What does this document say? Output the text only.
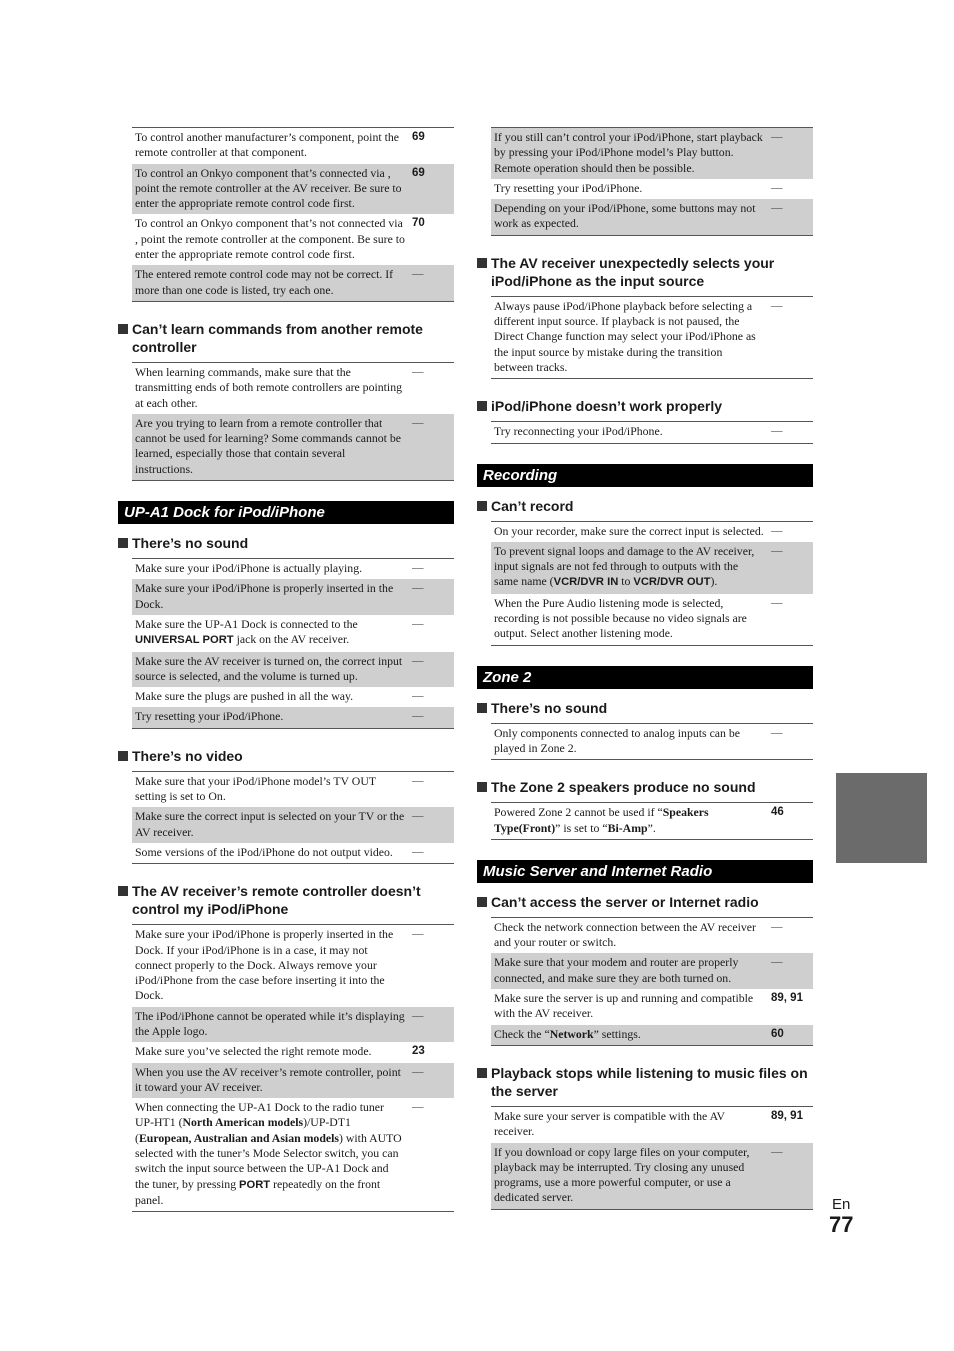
To control another manufacturer’s component, point the remote controller at that component.
69
To control an Onkyo component that’s connected via , point the remote controller at the AV receiver. Be sure to enter the appropriate remote control code first.
69
To control an Onkyo component that’s not connected via , point the remote controller at the component. Be sure to enter the appropriate remote control code first.
70
The entered remote control code may not be correct. If more than one code is listed, try each one.
—
Can’t learn commands from another remote controller
When learning commands, make sure that the transmitting ends of both remote controllers are pointing at each other.
—
Are you trying to learn from a remote controller that cannot be used for learning? Some commands cannot be learned, especially those that contain several instructions.
—
UP-A1 Dock for iPod/iPhone
There’s no sound
Make sure your iPod/iPhone is actually playing.	—
Make sure your iPod/iPhone is properly inserted in the Dock.
—
Make sure the UP-A1 Dock is connected to the UNIVERSAL PORT jack on the AV receiver.
—
Make sure the AV receiver is turned on, the correct input source is selected, and the volume is turned up.
—
Make sure the plugs are pushed in all the way.	—
Try resetting your iPod/iPhone.	—
There’s no video
Make sure that your iPod/iPhone model’s TV OUT setting is set to On.
—
Make sure the correct input is selected on your TV or the AV receiver.
—
Some versions of the iPod/iPhone do not output video.	—
The AV receiver’s remote controller doesn’t control my iPod/iPhone
Make sure your iPod/iPhone is properly inserted in the Dock. If your iPod/iPhone is in a case, it may not connect properly to the Dock. Always remove your iPod/iPhone from the case before inserting it into the Dock.
—
The iPod/iPhone cannot be operated while it’s displaying the Apple logo.
—
Make sure you’ve selected the right remote mode.	23
When you use the AV receiver’s remote controller, point it toward your AV receiver.
—
When connecting the UP-A1 Dock to the radio tuner UP-HT1 (North American models)/UP-DT1 (European, Australian and Asian models) with AUTO selected with the tuner’s Mode Selector switch, you can switch the input source between the UP-A1 Dock and the tuner, by pressing PORT repeatedly on the front panel.
—
If you still can’t control your iPod/iPhone, start playback by pressing your iPod/iPhone model’s Play button. Remote operation should then be possible.
—
Try resetting your iPod/iPhone.	—
Depending on your iPod/iPhone, some buttons may not work as expected.
—
The AV receiver unexpectedly selects your iPod/iPhone as the input source
Always pause iPod/iPhone playback before selecting a different input source. If playback is not paused, the Direct Change function may select your iPod/iPhone as the input source by mistake during the transition between tracks.
—
iPod/iPhone doesn’t work properly
Try reconnecting your iPod/iPhone.	—
Recording
Can’t record
On your recorder, make sure the correct input is selected. —
To prevent signal loops and damage to the AV receiver, input signals are not fed through to outputs with the same name (VCR/DVR IN to VCR/DVR OUT).
—
When the Pure Audio listening mode is selected, recording is not possible because no video signals are output. Select another listening mode.
—
Zone 2
There’s no sound
Only components connected to analog inputs can be played in Zone 2.
—
The Zone 2 speakers produce no sound
Powered Zone 2 cannot be used if “Speakers Type(Front)” is set to “Bi-Amp”.
46
Music Server and Internet Radio
Can’t access the server or Internet radio
Check the network connection between the AV receiver and your router or switch.
—
Make sure that your modem and router are properly connected, and make sure they are both turned on.
—
Make sure the server is up and running and compatible with the AV receiver.
89, 91
Check the “Network” settings.	60
Playback stops while listening to music files on the server
Make sure your server is compatible with the AV receiver.
89, 91
If you download or copy large files on your computer, playback may be interrupted. Try closing any unused programs, use a more powerful computer, or use a dedicated server.
—
En
77
